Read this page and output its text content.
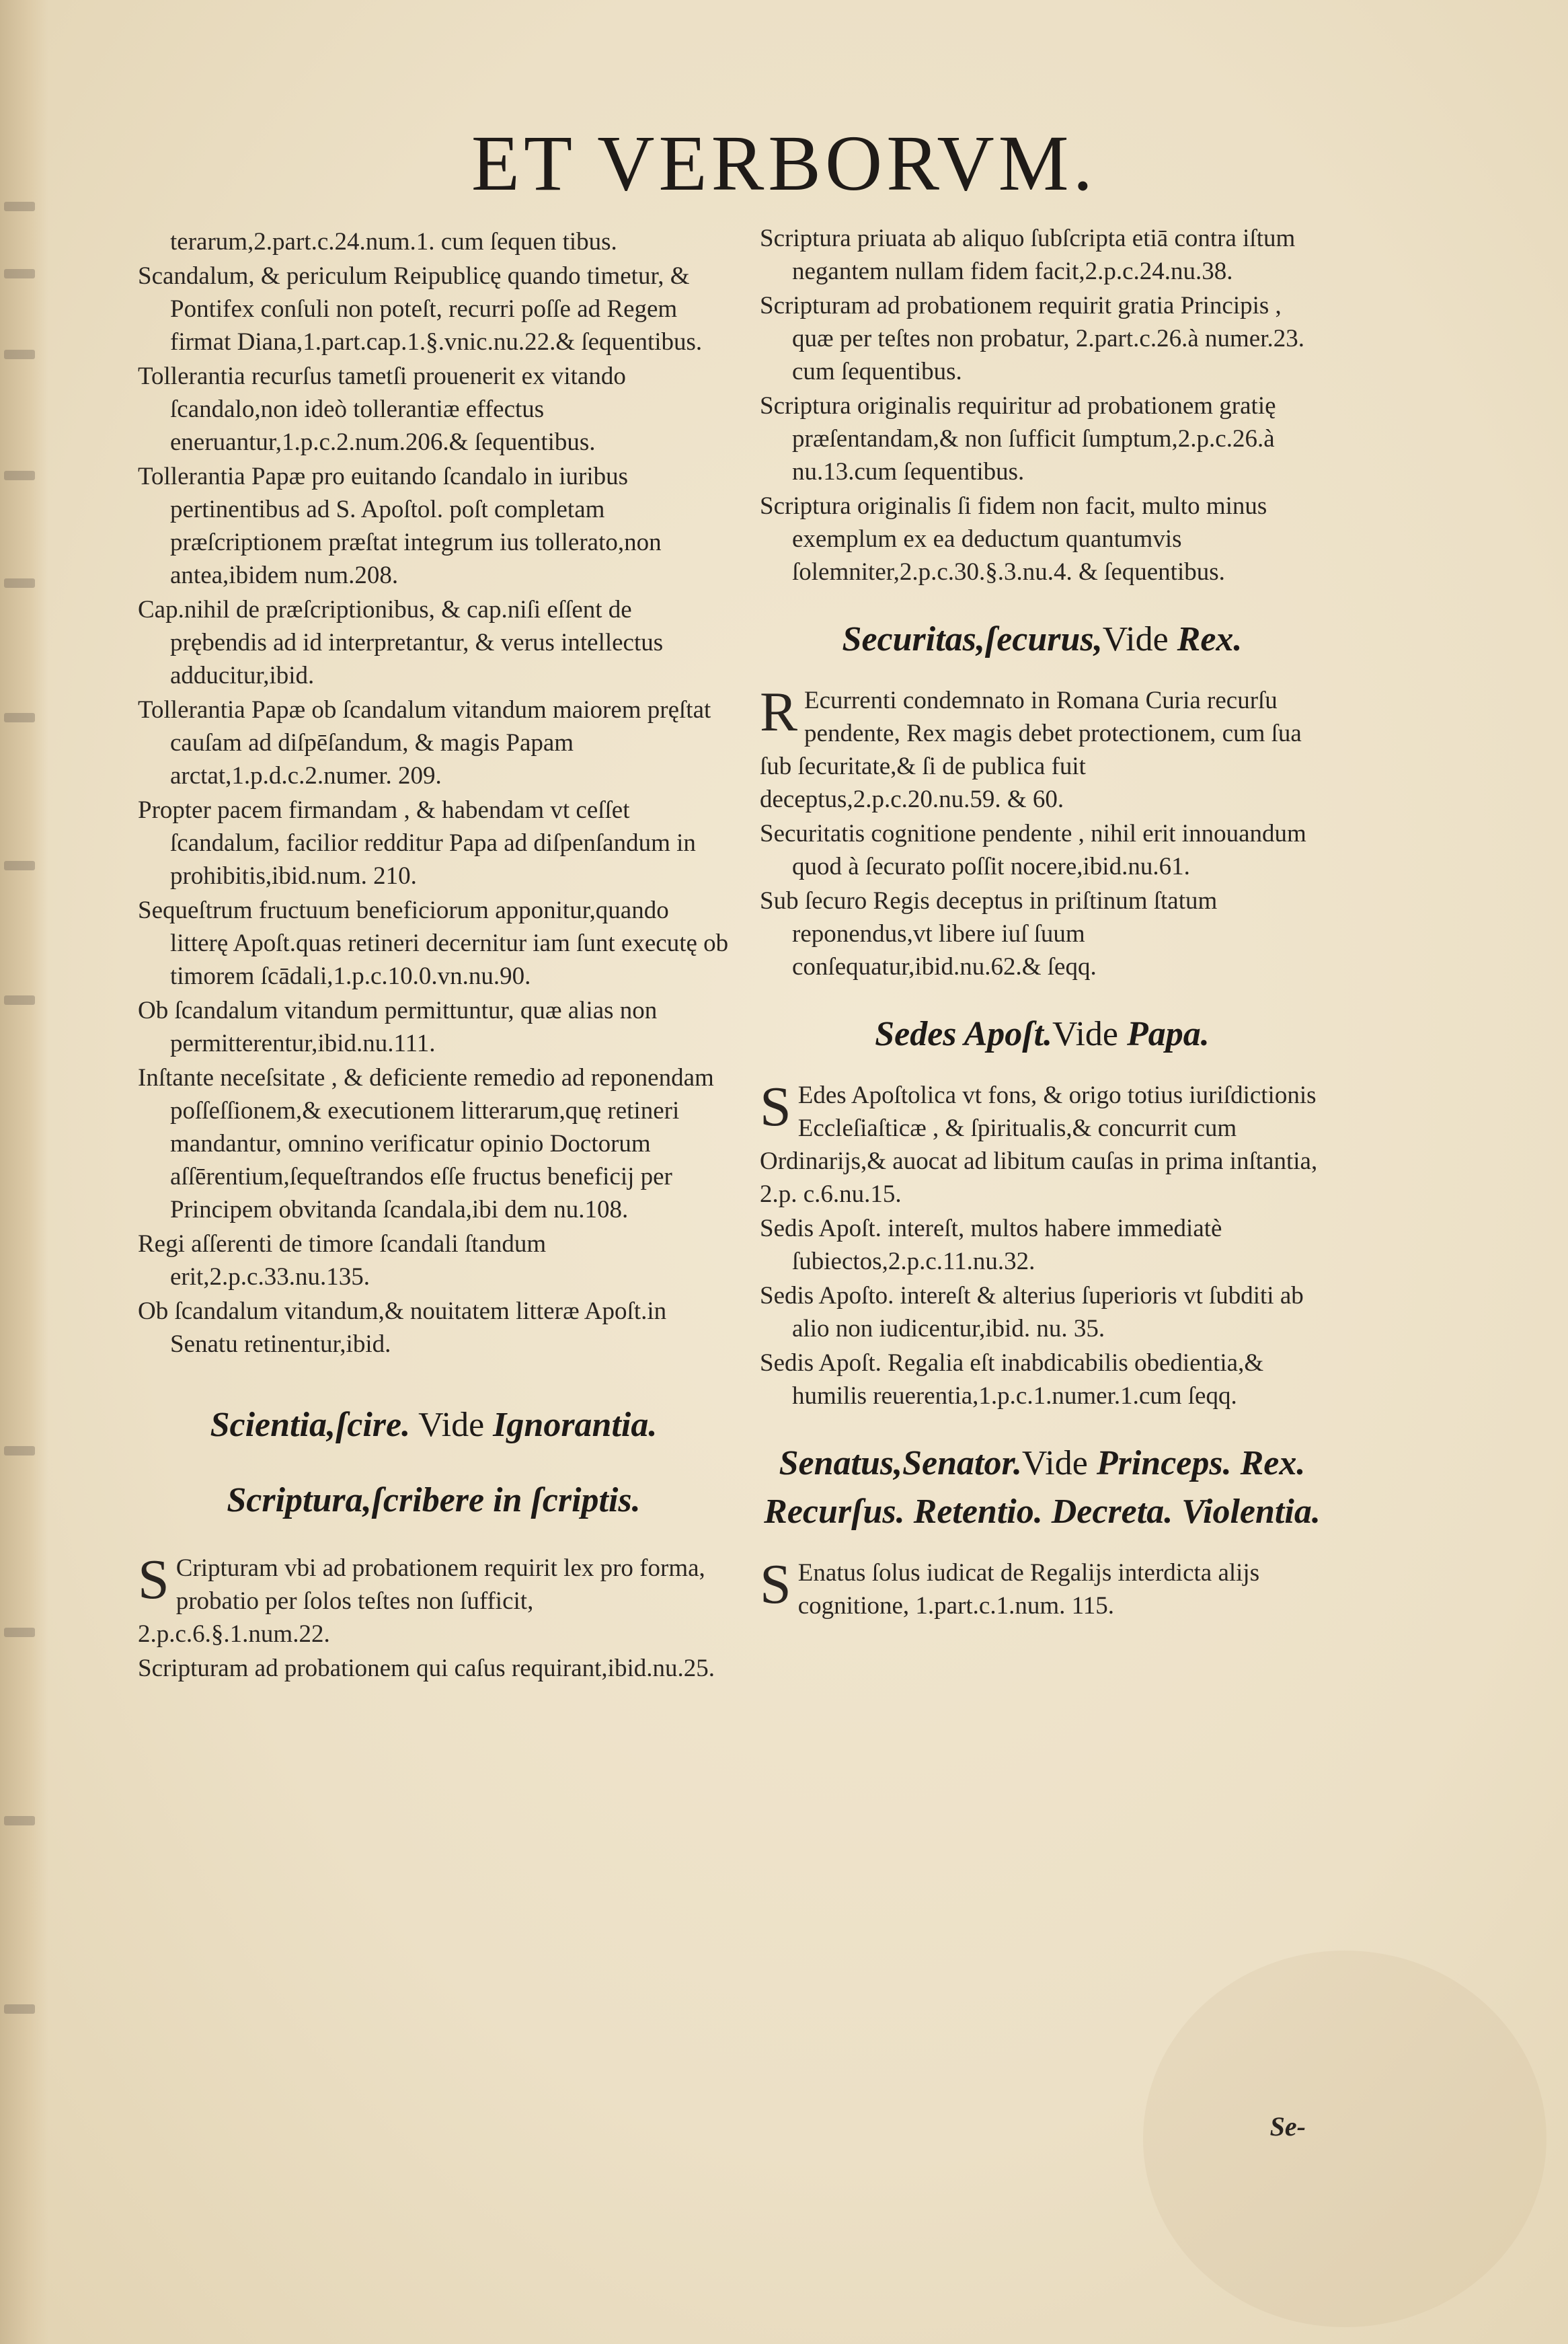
ET VERBORVM.
terarum,2.part.c.24.num.1. cum ſequen tibus.
Scandalum, & periculum Reipublicę quando timetur, & Pontifex conſuli non poteſt, recurri poſſe ad Regem firmat Diana,1.part.cap.1.§.vnic.nu.22.& ſequentibus.
Tollerantia recurſus tametſi prouenerit ex vitando ſcandalo,non ideò tollerantiæ effectus eneruantur,1.p.c.2.num.206.& ſequentibus.
Tollerantia Papæ pro euitando ſcandalo in iuribus pertinentibus ad S. Apoſtol. poſt completam præſcriptionem præſtat integrum ius tollerato,non antea,ibidem num.208.
Cap.nihil de præſcriptionibus, & cap.niſi eſſent de prębendis ad id interpretantur, & verus intellectus adducitur,ibid.
Tollerantia Papæ ob ſcandalum vitandum maiorem pręſtat cauſam ad diſpēſandum, & magis Papam arctat,1.p.d.c.2.numer. 209.
Propter pacem firmandam , & habendam vt ceſſet ſcandalum, facilior redditur Papa ad diſpenſandum in prohibitis,ibid.num. 210.
Sequeſtrum fructuum beneficiorum apponitur,quando litterę Apoſt.quas retineri decernitur iam ſunt executę ob timorem ſcādali,1.p.c.10.0.vn.nu.90.
Ob ſcandalum vitandum permittuntur, quæ alias non permitterentur,ibid.nu.111.
Inſtante neceſsitate , & deficiente remedio ad reponendam poſſeſſionem,& executionem litterarum,quę retineri mandantur, omnino verificatur opinio Doctorum aſſērentium,ſequeſtrandos eſſe fructus beneficij per Principem obvitanda ſcandala,ibi dem nu.108.
Regi aſſerenti de timore ſcandali ſtandum erit,2.p.c.33.nu.135.
Ob ſcandalum vitandum,& nouitatem litteræ Apoſt.in Senatu retinentur,ibid.
Scientia,ſcire. Vide Ignorantia.
Scriptura,ſcribere in ſcriptis.
S Cripturam vbi ad probationem requirit lex pro forma, probatio per ſolos teſtes non ſufficit, 2.p.c.6.§.1.num.22.
Scripturam ad probationem qui caſus requirant,ibid.nu.25.
Scriptura priuata ab aliquo ſubſcripta etiā contra iſtum negantem nullam fidem facit,2.p.c.24.nu.38.
Scripturam ad probationem requirit gratia Principis , quæ per teſtes non probatur, 2.part.c.26.à numer.23. cum ſequentibus.
Scriptura originalis requiritur ad probationem gratię præſentandam,& non ſufficit ſumptum,2.p.c.26.à nu.13.cum ſequentibus.
Scriptura originalis ſi fidem non facit, multo minus exemplum ex ea deductum quantumvis ſolemniter,2.p.c.30.§.3.nu.4. & ſequentibus.
Securitas,ſecurus,Vide Rex.
R Ecurrenti condemnato in Romana Curia recurſu pendente, Rex magis debet protectionem, cum ſua ſub ſecuritate,& ſi de publica fuit deceptus,2.p.c.20.nu.59. & 60.
Securitatis cognitione pendente , nihil erit innouandum quod à ſecurato poſſit nocere,ibid.nu.61.
Sub ſecuro Regis deceptus in priſtinum ſtatum reponendus,vt libere iuſ ſuum conſequatur,ibid.nu.62.& ſeqq.
Sedes Apoſt.Vide Papa.
S Edes Apoſtolica vt fons, & origo totius iuriſdictionis Eccleſiaſticæ , & ſpiritualis,& concurrit cum Ordinarijs,& auocat ad libitum cauſas in prima inſtantia, 2.p. c.6.nu.15.
Sedis Apoſt. intereſt, multos habere immediatè ſubiectos,2.p.c.11.nu.32.
Sedis Apoſto. intereſt & alterius ſuperioris vt ſubditi ab alio non iudicentur,ibid. nu. 35.
Sedis Apoſt. Regalia eſt inabdicabilis obedientia,& humilis reuerentia,1.p.c.1.numer.1.cum ſeqq.
Senatus,Senator.Vide Princeps. Rex. Recurſus. Retentio. Decreta. Violentia.
S Enatus ſolus iudicat de Regalijs interdicta alijs cognitione, 1.part.c.1.num. 115.
Se-
